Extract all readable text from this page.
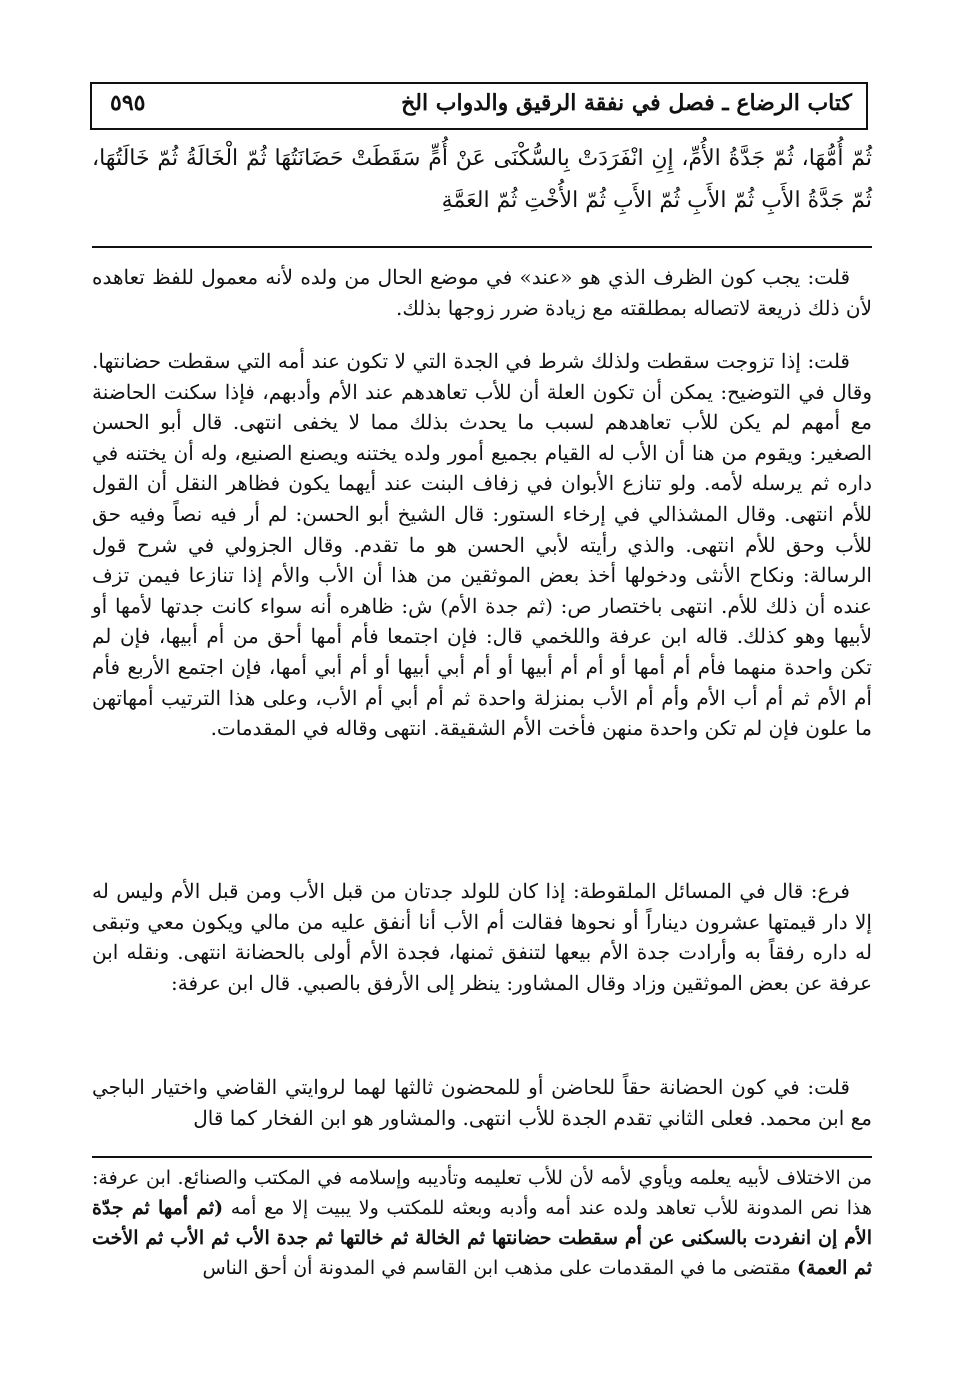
كتاب الرضاع ـ فصل في نفقة الرقيق والدواب الخ
٥٩٥
ثُمّ أُمُّهَا، ثُمّ جَدَّةُ الأُمِّ، إِنِ انْفَرَدَتْ بِالسُّكْنَى عَنْ أُمٍّ سَقَطَتْ حَضَانَتُهَا ثُمّ الْخَالَةُ ثُمّ خَالَتُهَا، ثُمّ جَدَّةُ الأَبِ ثُمّ الأَبِ ثُمّ الأَبِ ثُمّ الأُخْتِ ثُمّ العَمَّةِ

قلت: يجب كون الظرف الذي هو «عند» في موضع الحال من ولده لأنه معمول للفظ تعاهده لأن ذلك ذريعة لاتصاله بمطلقته مع زيادة ضرر زوجها بذلك.

قلت: إذا تزوجت سقطت ولذلك شرط في الجدة التي لا تكون عند أمه التي سقطت حضانتها. وقال في التوضيح: يمكن أن تكون العلة أن للأب تعاهدهم عند الأم وأدبهم، فإذا سكنت الحاضنة مع أمهم لم يكن للأب تعاهدهم لسبب ما يحدث بذلك مما لا يخفى انتهى. قال أبو الحسن الصغير: ويقوم من هنا أن الأب له القيام بجميع أمور ولده يختنه ويصنع الصنيع، وله أن يختنه في داره ثم يرسله لأمه. ولو تنازع الأبوان في زفاف البنت عند أيهما يكون فظاهر النقل أن القول للأم انتهى. وقال المشذالي في إرخاء الستور: قال الشيخ أبو الحسن: لم أر فيه نصاً وفيه حق للأب وحق للأم انتهى. والذي رأيته لأبي الحسن هو ما تقدم. وقال الجزولي في شرح قول الرسالة: ونكاح الأنثى ودخولها أخذ بعض الموثقين من هذا أن الأب والأم إذا تنازعا فيمن تزف عنده أن ذلك للأم. انتهى باختصار ص: (ثم جدة الأم) ش: ظاهره أنه سواء كانت جدتها لأمها أو لأبيها وهو كذلك. قاله ابن عرفة واللخمي قال: فإن اجتمعا فأم أمها أحق من أم أبيها، فإن لم تكن واحدة منهما فأم أم أمها أو أم أم أبيها أو أم أبي أبيها أو أم أبي أمها، فإن اجتمع الأربع فأم أم الأم ثم أم أب الأم وأم أم الأب بمنزلة واحدة ثم أم أبي أم الأب، وعلى هذا الترتيب أمهاتهن ما علون فإن لم تكن واحدة منهن فأخت الأم الشقيقة. انتهى وقاله في المقدمات.

فرع: قال في المسائل الملقوطة: إذا كان للولد جدتان من قبل الأب ومن قبل الأم وليس له إلا دار قيمتها عشرون ديناراً أو نحوها فقالت أم الأب أنا أنفق عليه من مالي ويكون معي وتبقى له داره رفقاً به وأرادت جدة الأم بيعها لتنفق ثمنها، فجدة الأم أولى بالحضانة انتهى. ونقله ابن عرفة عن بعض الموثقين وزاد وقال المشاور: ينظر إلى الأرفق بالصبي. قال ابن عرفة:

قلت: في كون الحضانة حقاً للحاضن أو للمحضون ثالثها لهما لروايتي القاضي واختيار الباجي مع ابن محمد. فعلى الثاني تقدم الجدة للأب انتهى. والمشاور هو ابن الفخار كما قال

من الاختلاف لأبيه يعلمه ويأوي لأمه لأن للأب تعليمه وتأديبه وإسلامه في المكتب والصنائع. ابن عرفة: هذا نص المدونة للأب تعاهد ولده عند أمه وأدبه وبعثه للمكتب ولا يبيت إلا مع أمه (ثم أمها ثم جدّة الأم إن انفردت بالسكنى عن أم سقطت حضانتها ثم الخالة ثم خالتها ثم جدة الأب ثم الأب ثم الأخت ثم العمة) مقتضى ما في المقدمات على مذهب ابن القاسم في المدونة أن أحق الناس
